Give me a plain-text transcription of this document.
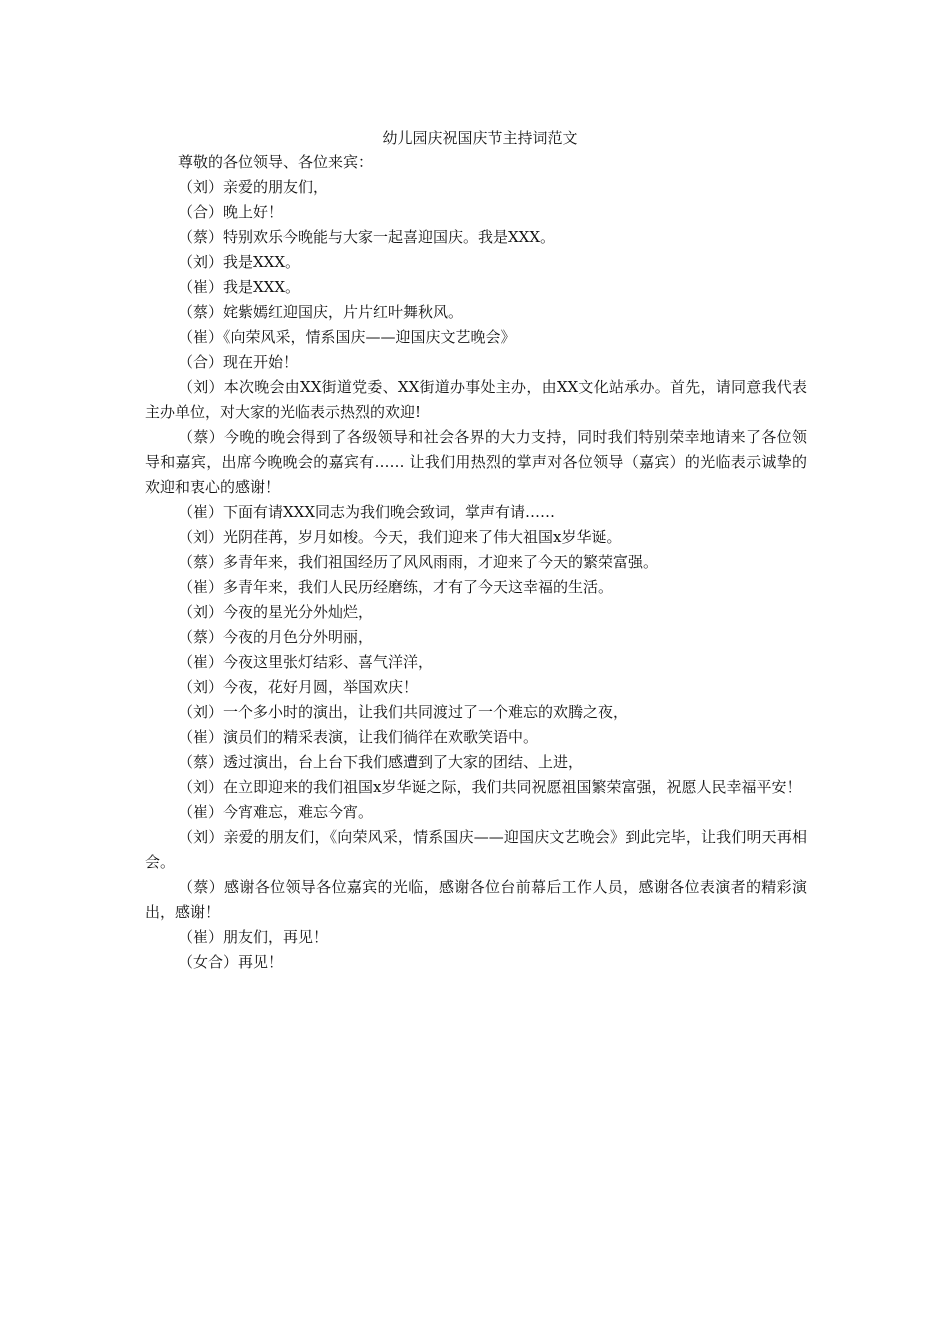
幼儿园庆祝国庆节主持词范文

尊敬的各位领导、各位来宾：

（刘）亲爱的朋友们，

（合）晚上好！

（蔡）特别欢乐今晚能与大家一起喜迎国庆。我是XXX。

（刘）我是XXX。

（崔）我是XXX。

（蔡）姹紫嫣红迎国庆，片片红叶舞秋风。

（崔）《向荣风采，情系国庆——迎国庆文艺晚会》

（合）现在开始！

（刘）本次晚会由XX街道党委、XX街道办事处主办，由XX文化站承办。首先，请同意我代表主办单位，对大家的光临表示热烈的欢迎!

（蔡）今晚的晚会得到了各级领导和社会各界的大力支持，同时我们特别荣幸地请来了各位领导和嘉宾，出席今晚晚会的嘉宾有…… 让我们用热烈的掌声对各位领导（嘉宾）的光临表示诚挚的欢迎和衷心的感谢！

（崔）下面有请XXX同志为我们晚会致词，掌声有请……

（刘）光阴荏苒，岁月如梭。今天，我们迎来了伟大祖国x岁华诞。

（蔡）多青年来，我们祖国经历了风风雨雨，才迎来了今天的繁荣富强。

（崔）多青年来，我们人民历经磨练，才有了今天这幸福的生活。

（刘）今夜的星光分外灿烂，

（蔡）今夜的月色分外明丽，

（崔）今夜这里张灯结彩、喜气洋洋，

（刘）今夜，花好月圆，举国欢庆！

（刘）一个多小时的演出，让我们共同渡过了一个难忘的欢腾之夜，

（崔）演员们的精采表演，让我们徜徉在欢歌笑语中。

（蔡）透过演出，台上台下我们感遭到了大家的团结、上进，

（刘）在立即迎来的我们祖国x岁华诞之际，我们共同祝愿祖国繁荣富强，祝愿人民幸福平安！

（崔）今宵难忘，难忘今宵。

（刘）亲爱的朋友们，《向荣风采，情系国庆——迎国庆文艺晚会》到此完毕，让我们明天再相会。

（蔡）感谢各位领导各位嘉宾的光临，感谢各位台前幕后工作人员，感谢各位表演者的精彩演出，感谢！

（崔）朋友们，再见！

（女合）再见！
